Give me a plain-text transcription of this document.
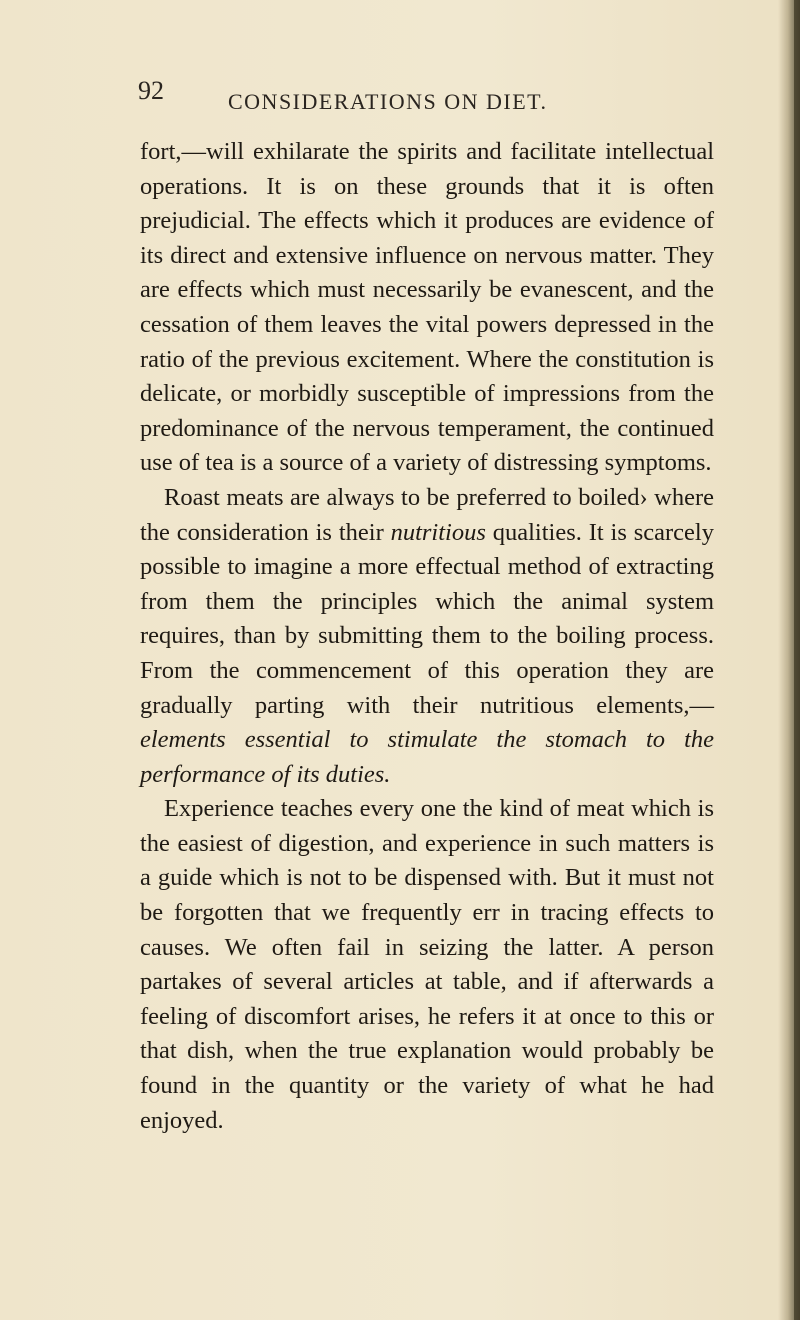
92	CONSIDERATIONS ON DIET.

fort,—will exhilarate the spirits and facilitate intellectual operations. It is on these grounds that it is often prejudicial. The effects which it produces are evidence of its direct and extensive influence on nervous matter. They are effects which must necessarily be evanescent, and the cessation of them leaves the vital powers depressed in the ratio of the previous excitement. Where the constitution is delicate, or morbidly susceptible of impressions from the predominance of the nervous temperament, the continued use of tea is a source of a variety of distressing symptoms.

Roast meats are always to be preferred to boiled› where the consideration is their nutritious qualities. It is scarcely possible to imagine a more effectual method of extracting from them the principles which the animal system requires, than by submitting them to the boiling process. From the commencement of this operation they are gradually parting with their nutritious elements,—elements essential to stimulate the stomach to the performance of its duties.

Experience teaches every one the kind of meat which is the easiest of digestion, and experience in such matters is a guide which is not to be dispensed with. But it must not be forgotten that we frequently err in tracing effects to causes. We often fail in seizing the latter. A person partakes of several articles at table, and if afterwards a feeling of discomfort arises, he refers it at once to this or that dish, when the true explanation would probably be found in the quantity or the variety of what he had enjoyed.
